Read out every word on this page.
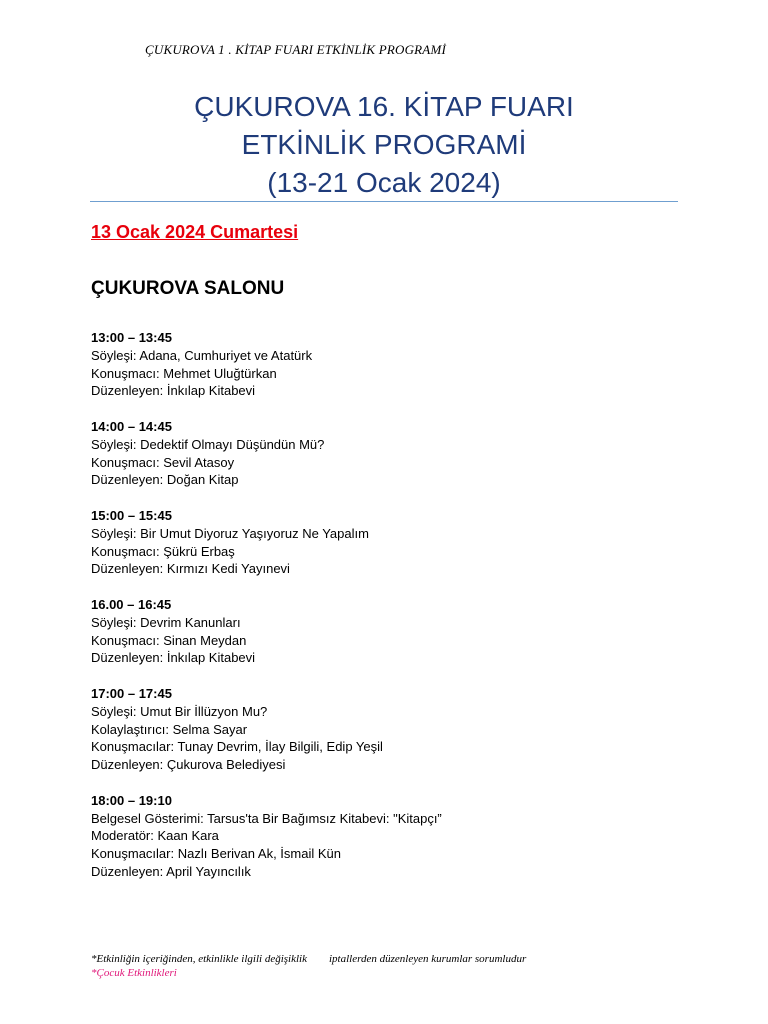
ÇUKUROVA 1 . KİTAP FUARI ETKİNLİK PROGRAMİ
ÇUKUROVA 16. KİTAP FUARI
ETKİNLİK PROGRAMİ
(13-21 Ocak 2024)
13 Ocak 2024 Cumartesi
ÇUKUROVA SALONU
13:00 – 13:45
Söyleşi: Adana, Cumhuriyet ve Atatürk
Konuşmacı: Mehmet Uluğtürkan
Düzenleyen: İnkılap Kitabevi
14:00 – 14:45
Söyleşi: Dedektif Olmayı Düşündün Mü?
Konuşmacı: Sevil Atasoy
Düzenleyen: Doğan Kitap
15:00 – 15:45
Söyleşi: Bir Umut Diyoruz Yaşıyoruz Ne Yapalım
Konuşmacı: Şükrü Erbaş
Düzenleyen: Kırmızı Kedi Yayınevi
16.00 – 16:45
Söyleşi: Devrim Kanunları
Konuşmacı: Sinan Meydan
Düzenleyen: İnkılap Kitabevi
17:00 – 17:45
Söyleşi: Umut Bir İllüzyon Mu?
Kolaylaştırıcı: Selma Sayar
Konuşmacılar: Tunay Devrim, İlay Bilgili, Edip Yeşil
Düzenleyen: Çukurova Belediyesi
18:00 – 19:10
Belgesel Gösterimi: Tarsus'ta Bir Bağımsız Kitabevi: "Kitapçı”
Moderatör: Kaan Kara
Konuşmacılar: Nazlı Berivan Ak, İsmail Kün
Düzenleyen: April Yayıncılık
*Etkinliğin içeriğinden, etkinlikle ilgili değişiklik iptallerden düzenleyen kurumlar sorumludur
*Çocuk Etkinlikleri
